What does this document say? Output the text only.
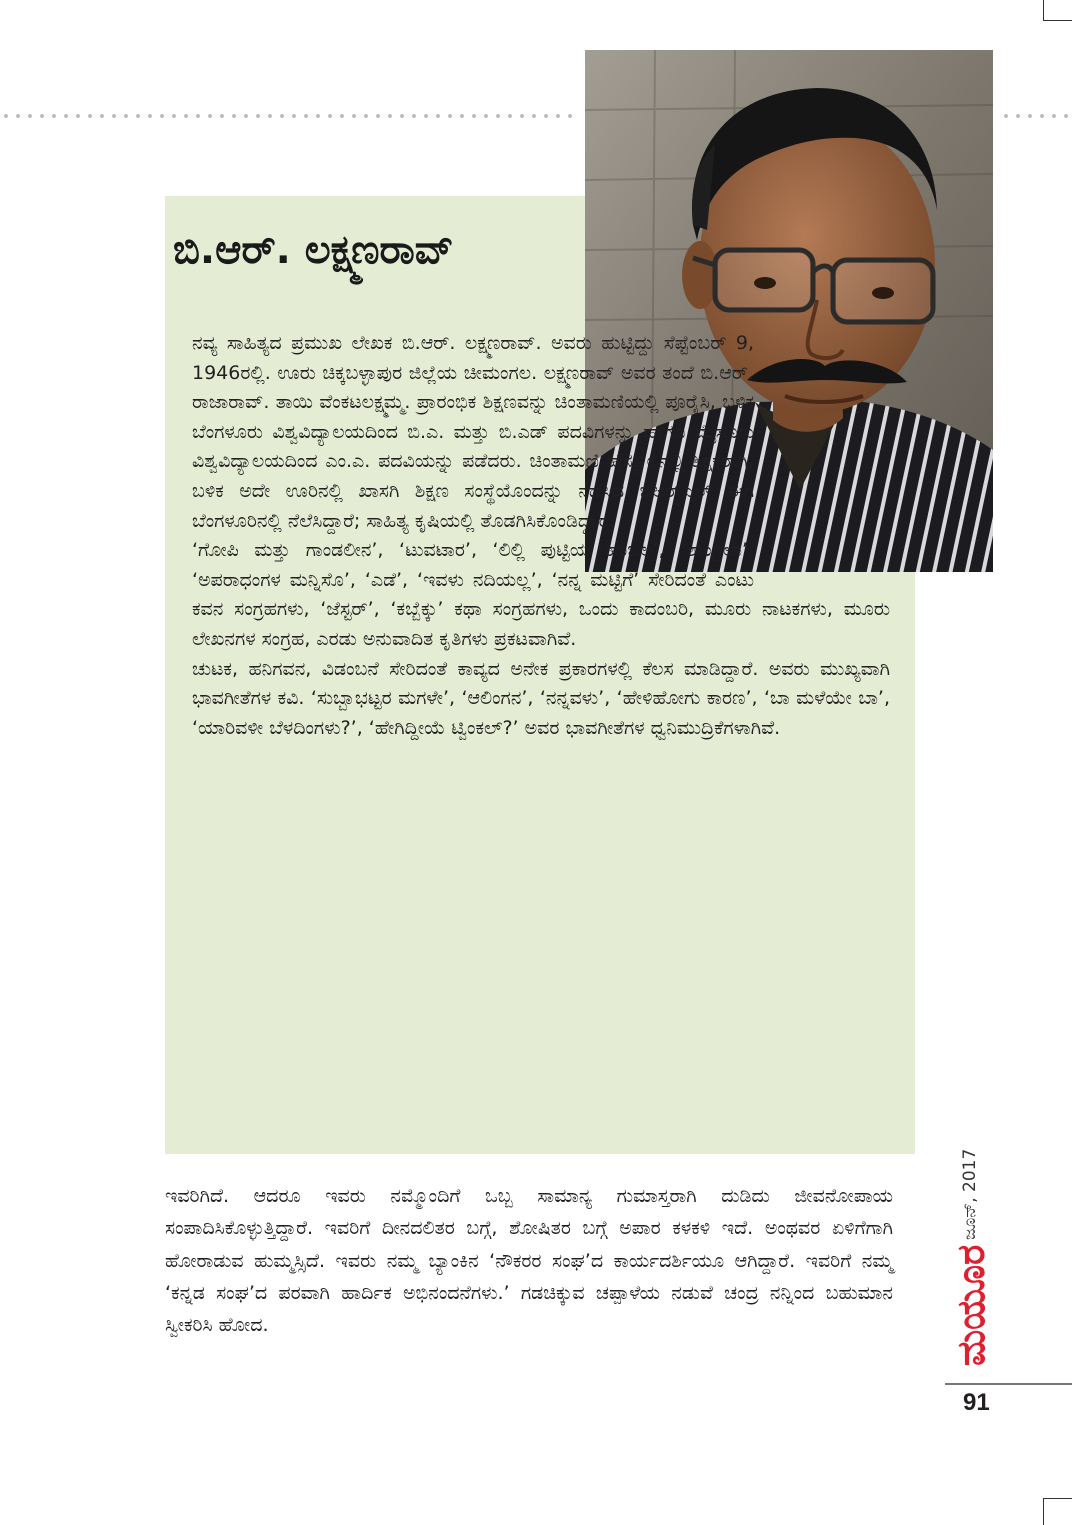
ಬಿ.ಆರ್. ಲಕ್ಷ್ಮಣರಾವ್

ನವ್ಯ ಸಾಹಿತ್ಯದ ಪ್ರಮುಖ ಲೇಖಕ ಬಿ.ಆರ್. ಲಕ್ಷ್ಮಣರಾವ್. ಅವರು ಹುಟ್ಟಿದ್ದು ಸೆಪ್ಟೆಂಬರ್ 9, 1946ರಲ್ಲಿ. ಊರು ಚಿಕ್ಕಬಳ್ಳಾಪುರ ಜಿಲ್ಲೆಯ ಚೀಮಂಗಲ. ಲಕ್ಷ್ಮಣರಾವ್ ಅವರ ತಂದೆ ಬಿ.ಆರ್. ರಾಜಾರಾವ್. ತಾಯಿ ವೆಂಕಟಲಕ್ಷ್ಮಮ್ಮ. ಪ್ರಾರಂಭಿಕ ಶಿಕ್ಷಣವನ್ನು ಚಿಂತಾಮಣಿಯಲ್ಲಿ ಪೂರೈಸಿ, ಬಳಿಕ ಬೆಂಗಳೂರು ವಿಶ್ವವಿದ್ಯಾಲಯದಿಂದ ಬಿ.ಎ. ಮತ್ತು ಬಿ.ಎಡ್ ಪದವಿಗಳನ್ನು ಹಾಗೂ ಮೈಸೂರು ವಿಶ್ವವಿದ್ಯಾಲಯದಿಂದ ಎಂ.ಎ. ಪದವಿಯನ್ನು ಪಡೆದರು. ಚಿಂತಾಮಣಿ ಹೈಸ್ಕೂಲಿನಲ್ಲಿ ಶಿಕ್ಷಕರಾಗಿ, ಬಳಿಕ ಅದೇ ಊರಿನಲ್ಲಿ ಖಾಸಗಿ ಶಿಕ್ಷಣ ಸಂಸ್ಥೆಯೊಂದನ್ನು ನಡೆಸಿದ ಬಿಆರ್‌ಎಲ್ ಈಗ ಬೆಂಗಳೂರಿನಲ್ಲಿ ನೆಲೆಸಿದ್ದಾರೆ; ಸಾಹಿತ್ಯ ಕೃಷಿಯಲ್ಲಿ ತೊಡಗಿಸಿಕೊಂಡಿದ್ದಾರೆ.

‘ಗೋಪಿ ಮತ್ತು ಗಾಂಡಲೀನ’, ‘ಟುವಟಾರ’, ‘ಲಿಲ್ಲಿ ಪುಟ್ಟಿಯ ಹಂಬಲ’, ‘ಶಾಂಗ್ರಿಲಾ’, ‘ಅಪರಾಧಂಗಳ ಮನ್ನಿಸೊ’, ‘ಎಡೆ’, ‘ಇವಳು ನದಿಯಲ್ಲ’, ‘ನನ್ನ ಮಟ್ಟಿಗೆ’ ಸೇರಿದಂತೆ ಎಂಟು ಕವನ ಸಂಗ್ರಹಗಳು, ‘ಜೆಸ್ಟರ್’, ‘ಕಬ್ಬೆಕ್ಕು’ ಕಥಾ ಸಂಗ್ರಹಗಳು, ಒಂದು ಕಾದಂಬರಿ, ಮೂರು ನಾಟಕಗಳು, ಮೂರು ಲೇಖನಗಳ ಸಂಗ್ರಹ, ಎರಡು ಅನುವಾದಿತ ಕೃತಿಗಳು ಪ್ರಕಟವಾಗಿವೆ.

ಚುಟಕ, ಹನಿಗವನ, ವಿಡಂಬನೆ ಸೇರಿದಂತೆ ಕಾವ್ಯದ ಅನೇಕ ಪ್ರಕಾರಗಳಲ್ಲಿ ಕೆಲಸ ಮಾಡಿದ್ದಾರೆ. ಅವರು ಮುಖ್ಯವಾಗಿ ಭಾವಗೀತೆಗಳ ಕವಿ. ‘ಸುಬ್ಬಾಭಟ್ಟರ ಮಗಳೇ’, ‘ಆಲಿಂಗನ’, ‘ನನ್ನವಳು’, ‘ಹೇಳಿಹೋಗು ಕಾರಣ’, ‘ಬಾ ಮಳೆಯೇ ಬಾ’, ‘ಯಾರಿವಳೀ ಬೆಳದಿಂಗಳು?’, ‘ಹೇಗಿದ್ದೀಯೆ ಟ್ವಿಂಕಲ್?’ ಅವರ ಭಾವಗೀತೆಗಳ ಧ್ವನಿಮುದ್ರಿಕೆಗಳಾಗಿವೆ.

ಇವರಿಗಿದೆ. ಆದರೂ ಇವರು ನಮ್ಮೊಂದಿಗೆ ಒಬ್ಬ ಸಾಮಾನ್ಯ ಗುಮಾಸ್ತರಾಗಿ ದುಡಿದು ಜೀವನೋಪಾಯ ಸಂಪಾದಿಸಿಕೊಳ್ಳುತ್ತಿದ್ದಾರೆ. ಇವರಿಗೆ ದೀನದಲಿತರ ಬಗ್ಗೆ, ಶೋಷಿತರ ಬಗ್ಗೆ ಅಪಾರ ಕಳಕಳಿ ಇದೆ. ಅಂಥವರ ಏಳಿಗೆಗಾಗಿ ಹೋರಾಡುವ ಹುಮ್ಮಸ್ಸಿದೆ. ಇವರು ನಮ್ಮ ಬ್ಯಾಂಕಿನ ‘ನೌಕರರ ಸಂಘ’ದ ಕಾರ್ಯದರ್ಶಿಯೂ ಆಗಿದ್ದಾರೆ. ಇವರಿಗೆ ನಮ್ಮ ‘ಕನ್ನಡ ಸಂಘ’ದ ಪರವಾಗಿ ಹಾರ್ದಿಕ ಅಭಿನಂದನೆಗಳು.’ ಗಡಚಿಕ್ಕುವ ಚಪ್ಪಾಳೆಯ ನಡುವೆ ಚಂದ್ರ ನನ್ನಿಂದ ಬಹುಮಾನ ಸ್ವೀಕರಿಸಿ ಹೋದ.

ಜೂನ್, 2017
ಮಯೂರ
91
